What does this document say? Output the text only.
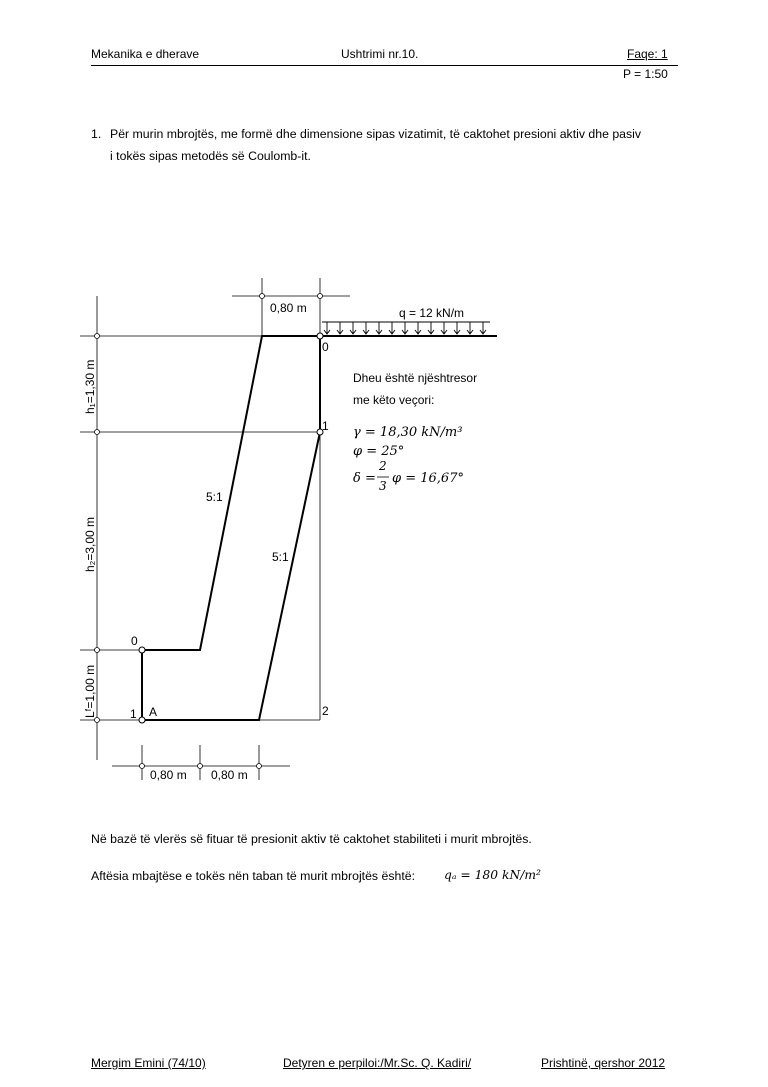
Mekanika e dherave	Ushtrimi nr.10.	Faqe: 1
P = 1:50
1. Për murin mbrojtës, me formë dhe dimensione sipas vizatimit, të caktohet presioni aktiv dhe pasiv
i tokës sipas metodës së Coulomb-it.
q = 12 kN/m
0,80 m
h₁=1,30 m
h₂=3,00 m
Lᶠ=1,00 m
0,80 m 0,80 m
0
1
2
0
1 A
5:1
5:1
Dheu është njështresor
me këto veçori:
γ = 18,30 kN/m³
φ = 25°
δ =
2
3 φ = 16,67°
Në bazë të vlerës së fituar të presionit aktiv të caktohet stabiliteti i murit mbrojtës.
Aftësia mbajtëse e tokës nën taban të murit mbrojtës është: qₐ = 180 kN/m²
Mergim Emini (74/10)	Detyren e perpiloi:/Mr.Sc. Q. Kadiri/	Prishtinë, qershor 2012
